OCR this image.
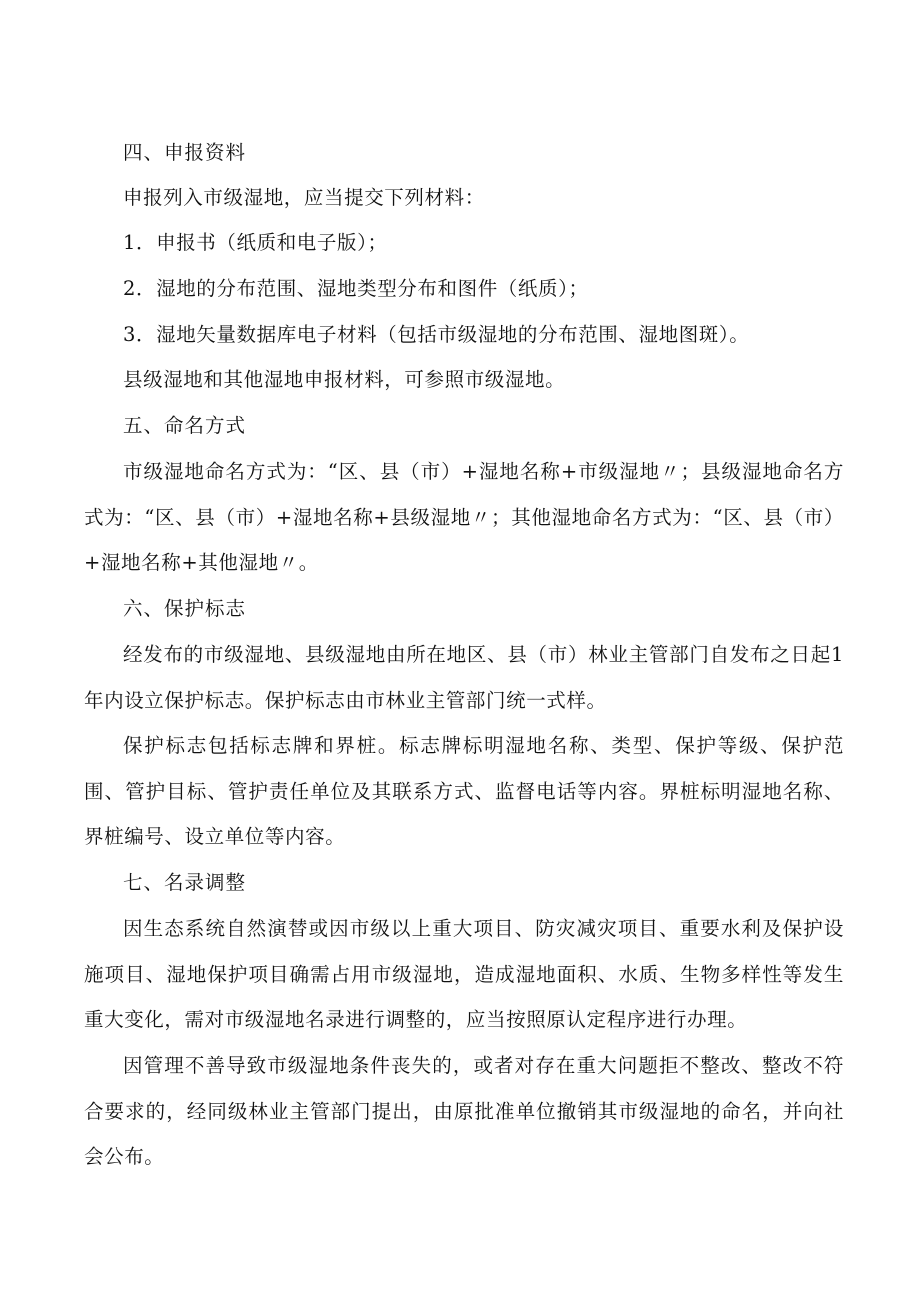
四、申报资料

申报列入市级湿地，应当提交下列材料：

1．申报书（纸质和电子版）；

2．湿地的分布范围、湿地类型分布和图件（纸质）；

3．湿地矢量数据库电子材料（包括市级湿地的分布范围、湿地图斑）。

县级湿地和其他湿地申报材料，可参照市级湿地。

五、命名方式

市级湿地命名方式为：“区、县（市）+湿地名称+市级湿地〃；县级湿地命名方式为：“区、县（市）+湿地名称+县级湿地〃；其他湿地命名方式为：“区、县（市）+湿地名称+其他湿地〃。

六、保护标志

经发布的市级湿地、县级湿地由所在地区、县（市）林业主管部门自发布之日起1年内设立保护标志。保护标志由市林业主管部门统一式样。

保护标志包括标志牌和界桩。标志牌标明湿地名称、类型、保护等级、保护范围、管护目标、管护责任单位及其联系方式、监督电话等内容。界桩标明湿地名称、界桩编号、设立单位等内容。

七、名录调整

因生态系统自然演替或因市级以上重大项目、防灾减灾项目、重要水利及保护设施项目、湿地保护项目确需占用市级湿地，造成湿地面积、水质、生物多样性等发生重大变化，需对市级湿地名录进行调整的，应当按照原认定程序进行办理。

因管理不善导致市级湿地条件丧失的，或者对存在重大问题拒不整改、整改不符合要求的，经同级林业主管部门提出，由原批准单位撤销其市级湿地的命名，并向社会公布。
